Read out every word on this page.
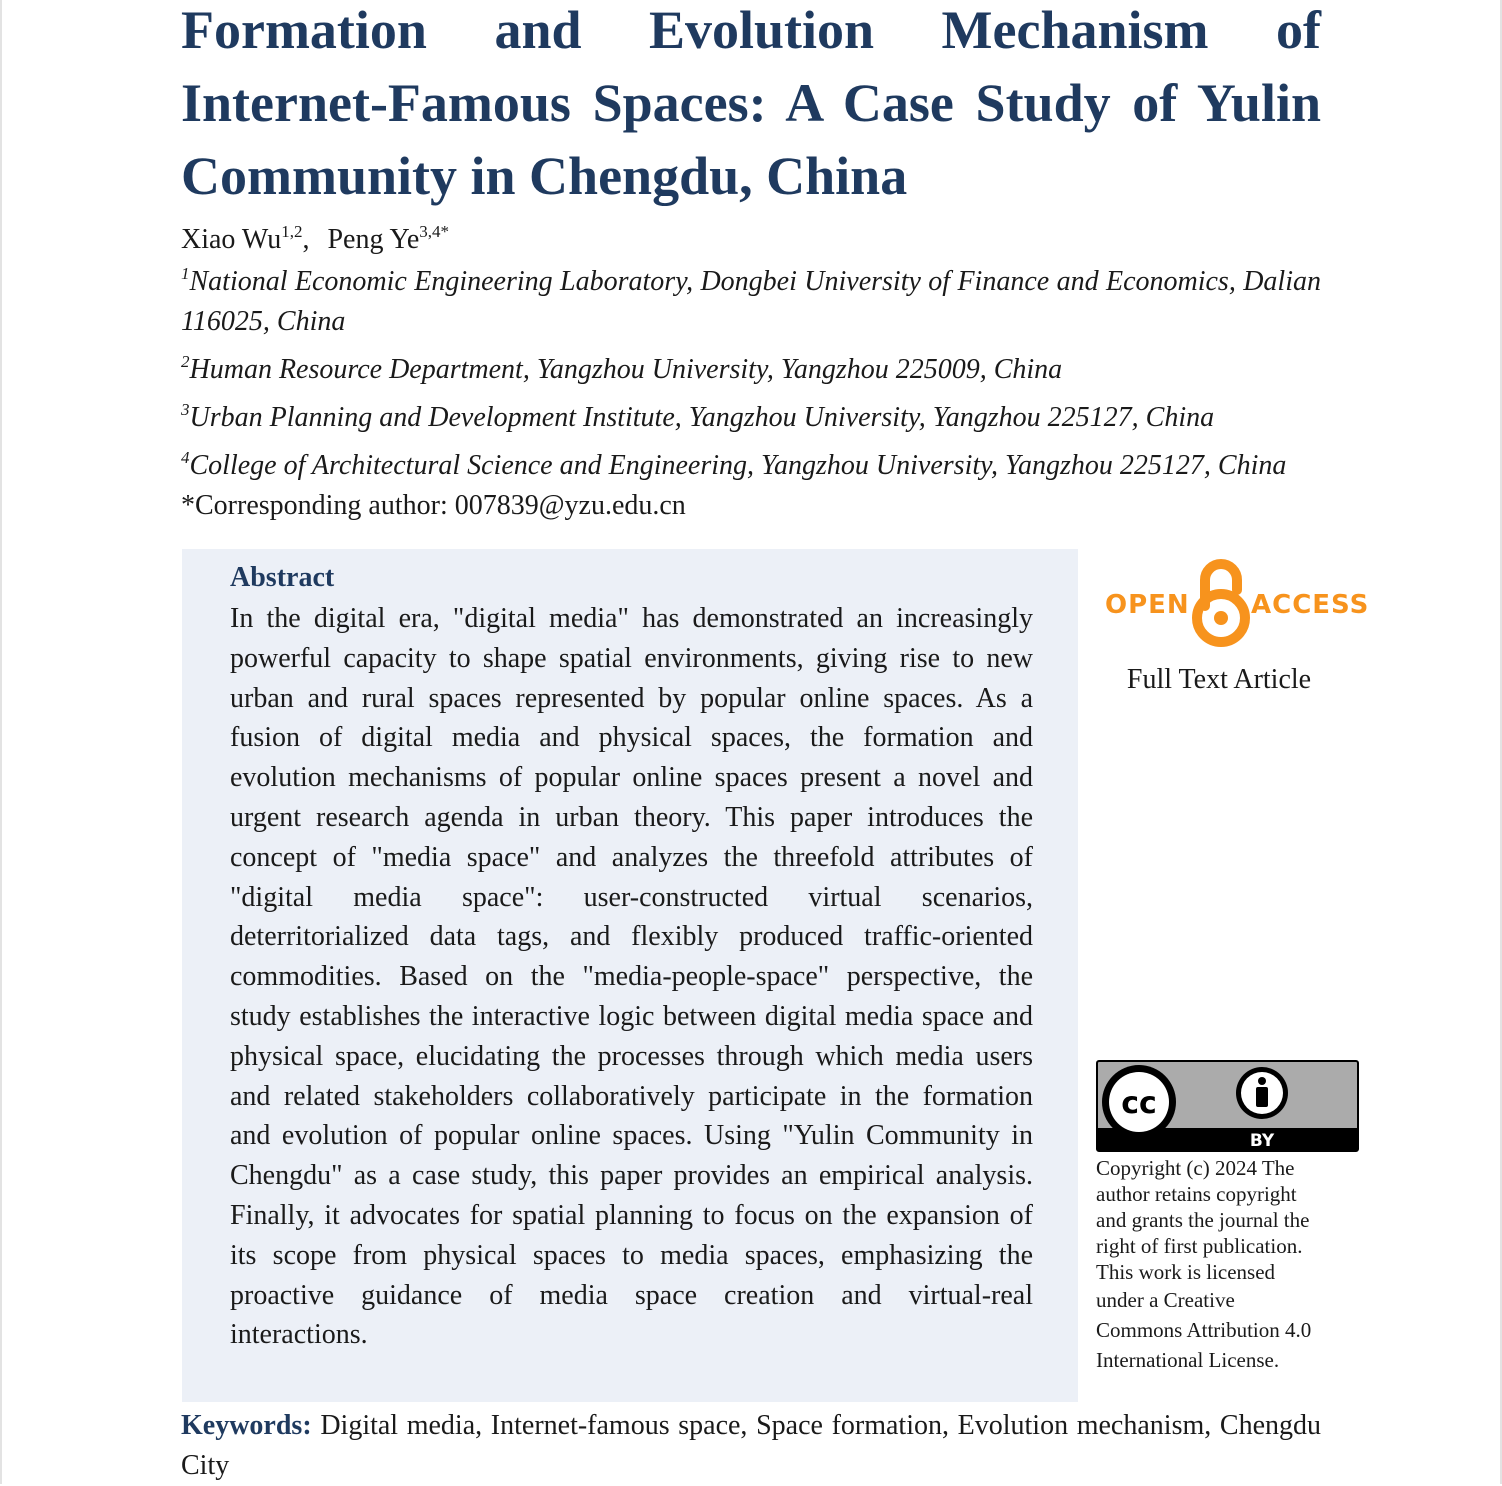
Formation and Evolution Mechanism of Internet-Famous Spaces: A Case Study of Yulin Community in Chengdu, China
Xiao Wu$^{1,2}$, Peng $Ye^{3,4*}$

$^1$National Economic Engineering Laboratory, Dongbei University of Finance and Economics, Dalian 116025, China

$^2$Human Resource Department, Yangzhou University, Yangzhou 225009, China

$^3$Urban Planning and Development Institute, Yangzhou University, Yangzhou 225127, China

$^4$College of Architectural Science and Engineering, Yangzhou University, Yangzhou 225127, China

*Corresponding author: 007839@yzu.edu.cn

Abstract

In the digital era, "digital media" has demonstrated an increasingly powerful capacity to shape spatial environments, giving rise to new urban and rural spaces represented by popular online spaces. As a fusion of digital media and physical spaces, the formation and evolution mechanisms of popular online spaces present a novel and urgent research agenda in urban theory. This paper introduces the concept of "media space" and analyzes the threefold attributes of "digital media space": user-constructed virtual scenarios, deterritorialized data tags, and flexibly produced traffic-oriented commodities. Based on the "media-people-space" perspective, the study establishes the interactive logic between digital media space and physical space, elucidating the processes through which media users and related stakeholders collaboratively participate in the formation and evolution of popular online spaces. Using "Yulin Community in Chengdu" as a case study, this paper provides an empirical analysis. Finally, it advocates for spatial planning to focus on the expansion of its scope from physical spaces to media spaces, emphasizing the proactive guidance of media space creation and virtual-real interactions.

OPEN ACCESS
Full Text Article
cc
BY
Copyright (c) 2024 The
author retains copyright
and grants the journal the
right of first publication.
This work is licensed
under a Creative
Commons Attribution 4.0
International License.

Keywords: Digital media, Internet-famous space, Space formation, Evolution mechanism, Chengdu City
